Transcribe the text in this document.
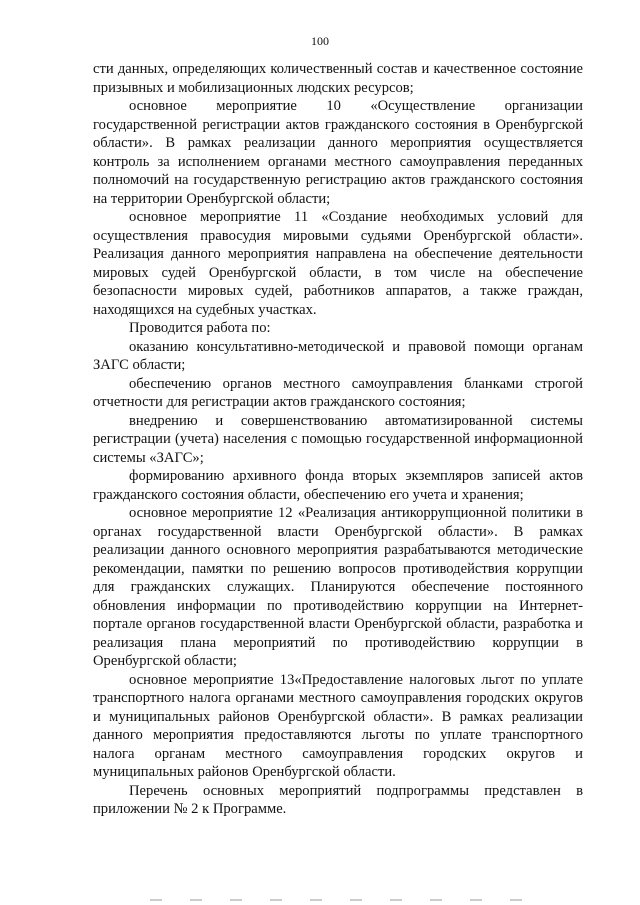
100

сти данных, определяющих количественный состав и качественное состояние призывных и мобилизационных людских ресурсов;

основное мероприятие 10 «Осуществление организации государственной регистрации актов гражданского состояния в Оренбургской области». В рамках реализации данного мероприятия осуществляется контроль за исполнением органами местного самоуправления переданных полномочий на государственную регистрацию актов гражданского состояния на территории Оренбургской области;

основное мероприятие 11 «Создание необходимых условий для осуществления правосудия мировыми судьями Оренбургской области». Реализация данного мероприятия направлена на обеспечение деятельности мировых судей Оренбургской области, в том числе на обеспечение безопасности мировых судей, работников аппаратов, а также граждан, находящихся на судебных участках.

Проводится работа по:

оказанию консультативно-методической и правовой помощи органам ЗАГС области;

обеспечению органов местного самоуправления бланками строгой отчетности для регистрации актов гражданского состояния;

внедрению и совершенствованию автоматизированной системы регистрации (учета) населения с помощью государственной информационной системы «ЗАГС»;

формированию архивного фонда вторых экземпляров записей актов гражданского состояния области, обеспечению его учета и хранения;

основное мероприятие 12 «Реализация антикоррупционной политики в органах государственной власти Оренбургской области». В рамках реализации данного основного мероприятия разрабатываются методические рекомендации, памятки по решению вопросов противодействия коррупции для гражданских служащих. Планируются обеспечение постоянного обновления информации по противодействию коррупции на Интернет-портале органов государственной власти Оренбургской области, разработка и реализация плана мероприятий по противодействию коррупции в Оренбургской области;

основное мероприятие 13«Предоставление налоговых льгот по уплате транспортного налога органами местного самоуправления городских округов и муниципальных районов Оренбургской области». В рамках реализации данного мероприятия предоставляются льготы по уплате транспортного налога органам местного самоуправления городских округов и муниципальных районов Оренбургской области.

Перечень основных мероприятий подпрограммы представлен в приложении № 2 к Программе.
